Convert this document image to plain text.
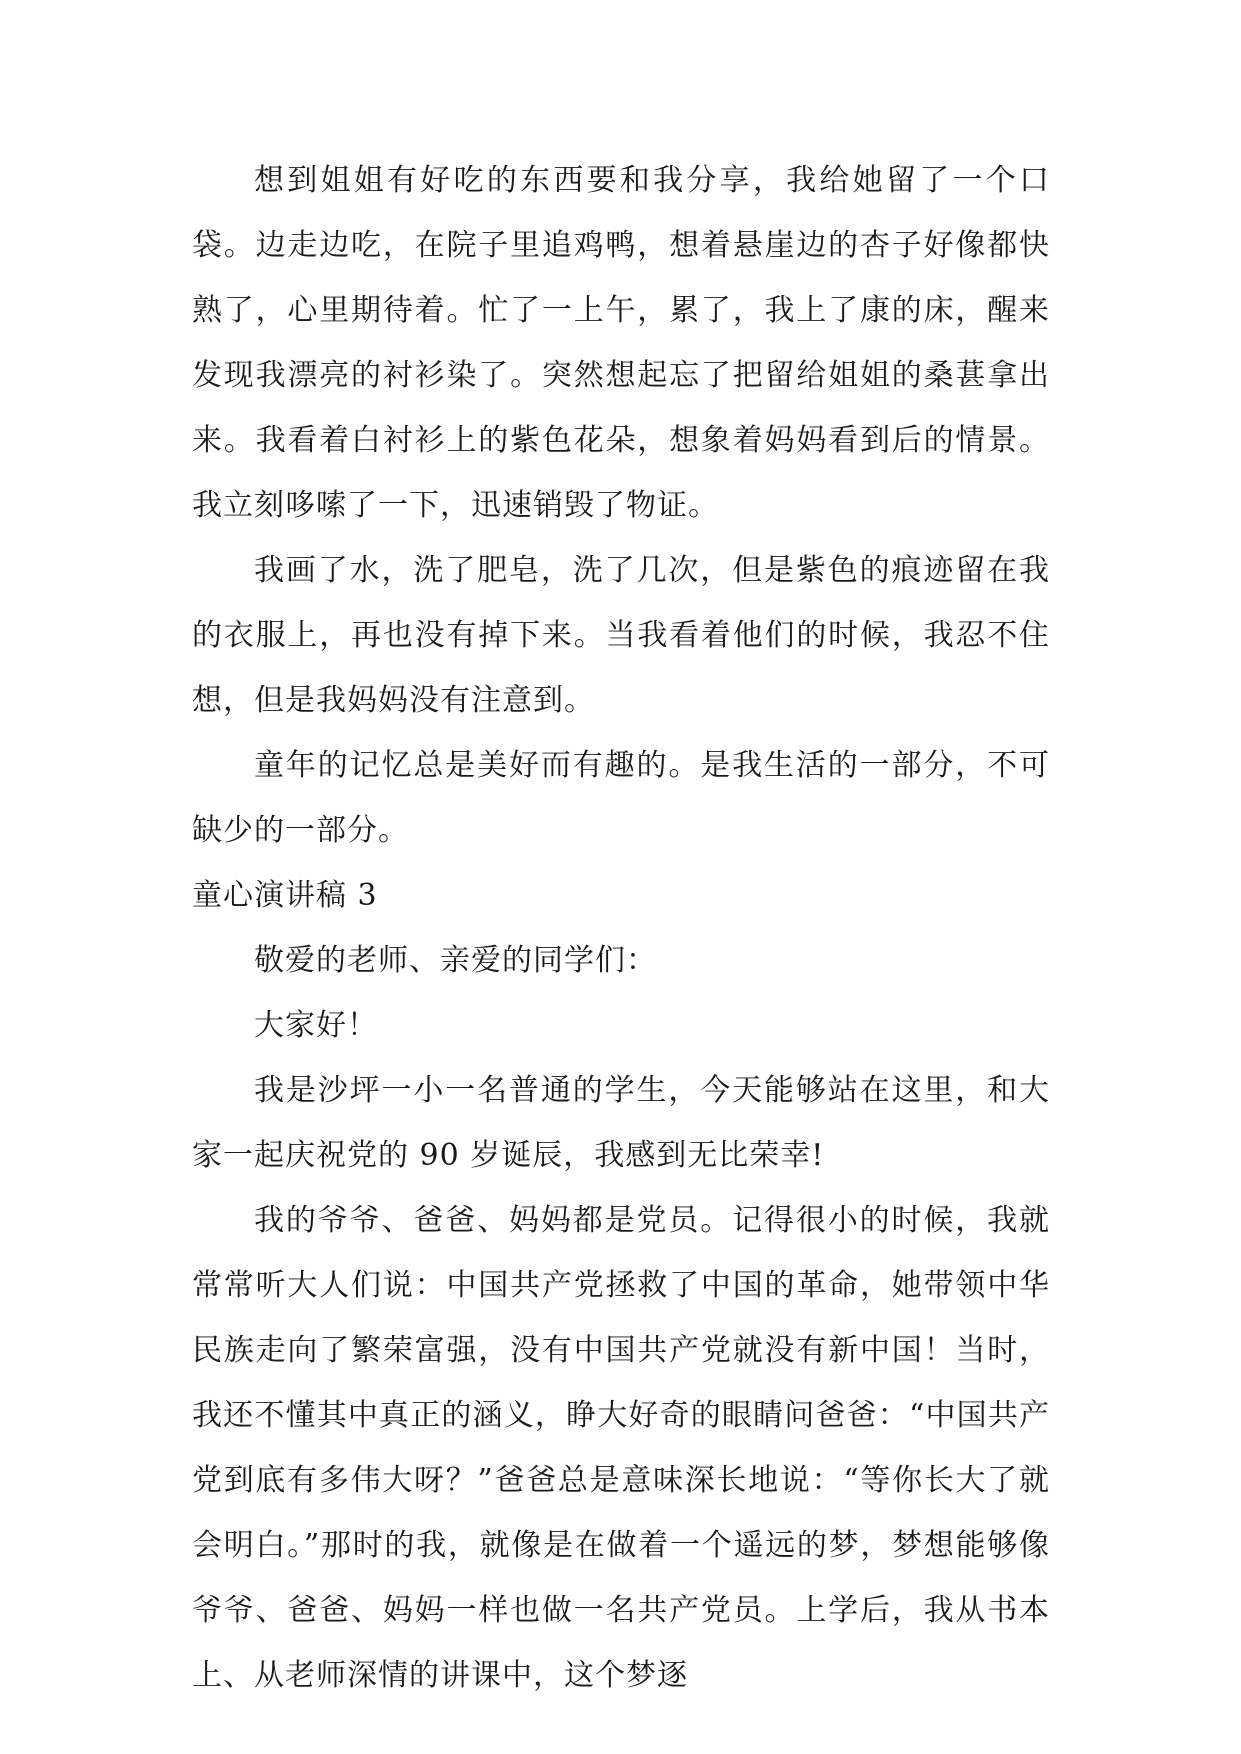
想到姐姐有好吃的东西要和我分享，我给她留了一个口袋。边走边吃，在院子里追鸡鸭，想着悬崖边的杏子好像都快熟了，心里期待着。忙了一上午，累了，我上了康的床，醒来发现我漂亮的衬衫染了。突然想起忘了把留给姐姐的桑葚拿出来。我看着白衬衫上的紫色花朵，想象着妈妈看到后的情景。我立刻哆嗦了一下，迅速销毁了物证。

我画了水，洗了肥皂，洗了几次，但是紫色的痕迹留在我的衣服上，再也没有掉下来。当我看着他们的时候，我忍不住想，但是我妈妈没有注意到。

童年的记忆总是美好而有趣的。是我生活的一部分，不可缺少的一部分。

童心演讲稿 3

敬爱的老师、亲爱的同学们：

大家好！

我是沙坪一小一名普通的学生，今天能够站在这里，和大家一起庆祝党的 90 岁诞辰，我感到无比荣幸!

我的爷爷、爸爸、妈妈都是党员。记得很小的时候，我就常常听大人们说：中国共产党拯救了中国的革命，她带领中华民族走向了繁荣富强，没有中国共产党就没有新中国！当时，我还不懂其中真正的涵义，睁大好奇的眼睛问爸爸：“中国共产党到底有多伟大呀？”爸爸总是意味深长地说：“等你长大了就会明白。”那时的我，就像是在做着一个遥远的梦，梦想能够像爷爷、爸爸、妈妈一样也做一名共产党员。上学后，我从书本上、从老师深情的讲课中，这个梦逐
